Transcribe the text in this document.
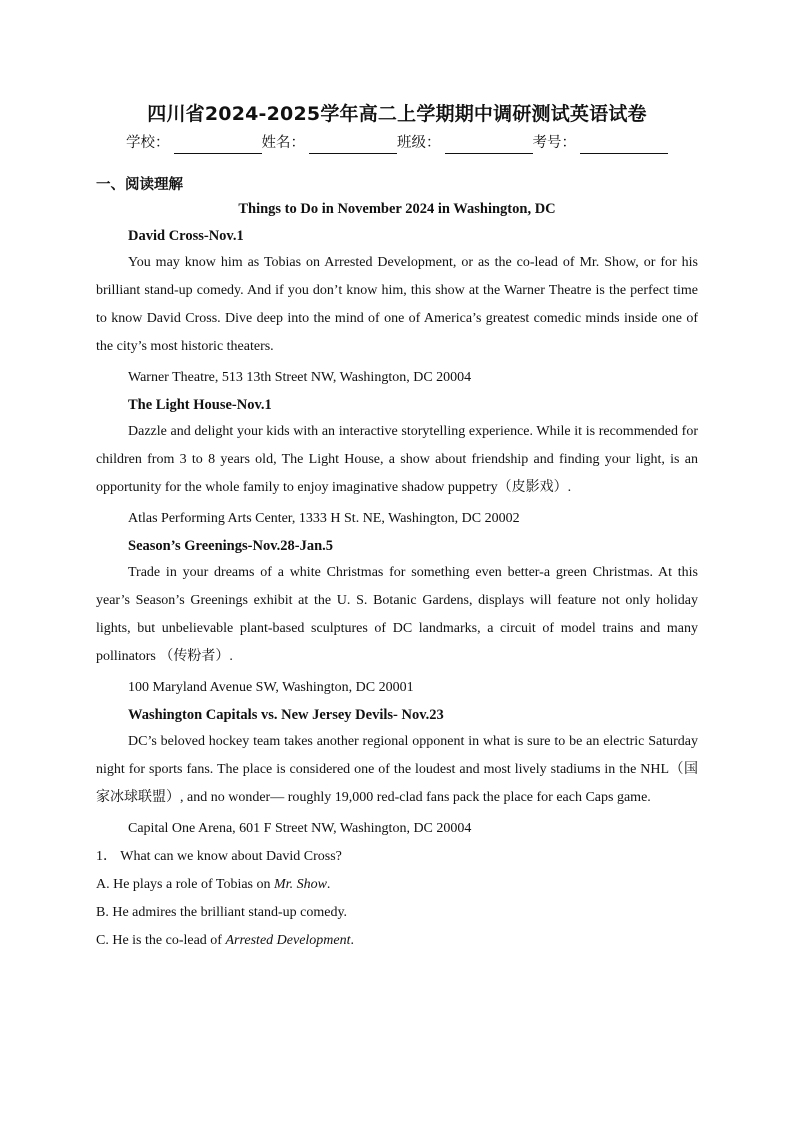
四川省2024-2025学年高二上学期期中调研测试英语试卷
学校：	姓名：	班级：	考号：
一、阅读理解
Things to Do in November 2024 in Washington, DC

David Cross-Nov.1

You may know him as Tobias on Arrested Development, or as the co-lead of Mr. Show, or for his brilliant stand-up comedy. And if you don’t know him, this show at the Warner Theatre is the perfect time to know David Cross. Dive deep into the mind of one of America’s greatest comedic minds inside one of the city’s most historic theaters.

Warner Theatre, 513 13th Street NW, Washington, DC 20004

The Light House-Nov.1

Dazzle and delight your kids with an interactive storytelling experience. While it is recommended for children from 3 to 8 years old, The Light House, a show about friendship and finding your light, is an opportunity for the whole family to enjoy imaginative shadow puppetry（皮影戏）.

Atlas Performing Arts Center, 1333 H St. NE, Washington, DC 20002

Season’s Greenings-Nov.28-Jan.5

Trade in your dreams of a white Christmas for something even better-a green Christmas. At this year’s Season’s Greenings exhibit at the U. S. Botanic Gardens, displays will feature not only holiday lights, but unbelievable plant-based sculptures of DC landmarks, a circuit of model trains and many pollinators （传粉者）.

100 Maryland Avenue SW, Washington, DC 20001

Washington Capitals vs. New Jersey Devils- Nov.23

DC’s beloved hockey team takes another regional opponent in what is sure to be an electric Saturday night for sports fans. The place is considered one of the loudest and most lively stadiums in the NHL（国家冰球联盟）, and no wonder— roughly 19,000 red-clad fans pack the place for each Caps game.

Capital One Arena, 601 F Street NW, Washington, DC 20004

1． What can we know about David Cross?

A. He plays a role of Tobias on Mr. Show.

B. He admires the brilliant stand-up comedy.

C. He is the co-lead of Arrested Development.
